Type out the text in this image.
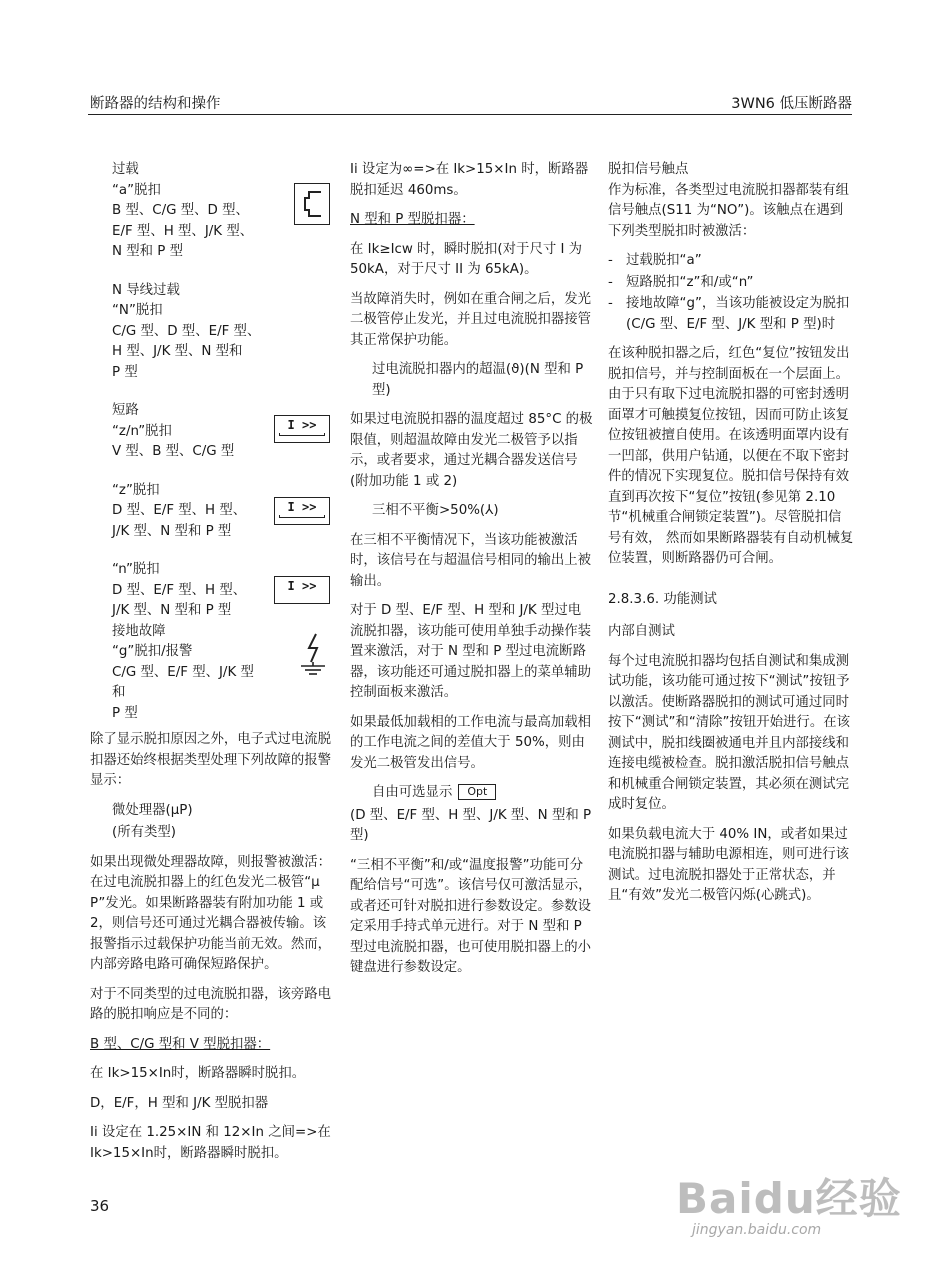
断路器的结构和操作	3WN6 低压断路器

过载

“a”脱扣
B 型、C/G 型、D 型、
E/F 型、H 型、J/K 型、
N 型和 P 型
N 导线过载
“N”脱扣
C/G 型、D 型、E/F 型、
H 型、J/K 型、N 型和
P 型
短路
“z/n”脱扣
V 型、B 型、C/G 型
I >>
“z”脱扣
D 型、E/F 型、H 型、
J/K 型、N 型和 P 型
I >>
“n”脱扣
D 型、E/F 型、H 型、
J/K 型、N 型和 P 型
I >>
接地故障
“g”脱扣/报警
C/G 型、E/F 型、J/K 型和
P 型

除了显示脱扣原因之外，电子式过电流脱扣器还始终根据类型处理下列故障的报警显示：

微处理器(μP)

(所有类型)

如果出现微处理器故障，则报警被激活：在过电流脱扣器上的红色发光二极管“μP”发光。如果断路器装有附加功能 1 或 2，则信号还可通过光耦合器被传输。该报警指示过载保护功能当前无效。然而，内部旁路电路可确保短路保护。

对于不同类型的过电流脱扣器，该旁路电路的脱扣响应是不同的：

B 型、C/G 型和 V 型脱扣器：

在 Ik>15×In时，断路器瞬时脱扣。

D，E/F，H 型和 J/K 型脱扣器

Ii 设定在 1.25×IN 和 12×In 之间=>在 Ik>15×In时，断路器瞬时脱扣。

Ii 设定为∞=>在 Ik>15×In 时，断路器脱扣延迟 460ms。

N 型和 P 型脱扣器：

在 Ik≥Icw 时，瞬时脱扣(对于尺寸 I 为 50kA，对于尺寸 II 为 65kA)。

当故障消失时，例如在重合闸之后，发光二极管停止发光，并且过电流脱扣器接管其正常保护功能。

过电流脱扣器内的超温(ϑ)(N 型和 P 型)

如果过电流脱扣器的温度超过 85°C 的极限值，则超温故障由发光二极管予以指示，或者要求，通过光耦合器发送信号(附加功能 1 或 2)

三相不平衡>50%(⅄)

在三相不平衡情况下，当该功能被激活时，该信号在与超温信号相同的输出上被输出。

对于 D 型、E/F 型、H 型和 J/K 型过电流脱扣器，该功能可使用单独手动操作装置来激活，对于 N 型和 P 型过电流断路器，该功能还可通过脱扣器上的菜单辅助控制面板来激活。

如果最低加载相的工作电流与最高加载相的工作电流之间的差值大于 50%，则由发光二极管发出信号。

自由可选显示 Opt

(D 型、E/F 型、H 型、J/K 型、N 型和 P 型)

“三相不平衡”和/或“温度报警”功能可分配给信号“可选”。该信号仅可激活显示，或者还可针对脱扣进行参数设定。参数设定采用手持式单元进行。对于 N 型和 P 型过电流脱扣器，也可使用脱扣器上的小键盘进行参数设定。

脱扣信号触点

作为标准，各类型过电流脱扣器都装有组信号触点(S11 为“NO”)。该触点在遇到下列类型脱扣时被激活：

- 过载脱扣“a”
- 短路脱扣“z”和/或“n”
- 接地故障“g”，当该功能被设定为脱扣(C/G 型、E/F 型、J/K 型和 P 型)时

在该种脱扣器之后，红色“复位”按钮发出脱扣信号，并与控制面板在一个层面上。由于只有取下过电流脱扣器的可密封透明面罩才可触摸复位按钮，因而可防止该复位按钮被擅自使用。在该透明面罩内设有一凹部，供用户钻通，以便在不取下密封件的情况下实现复位。脱扣信号保持有效直到再次按下“复位”按钮(参见第 2.10 节“机械重合闸锁定装置”)。尽管脱扣信号有效， 然而如果断路器装有自动机械复位装置，则断路器仍可合闸。

2.8.3.6. 功能测试

内部自测试

每个过电流脱扣器均包括自测试和集成测试功能，该功能可通过按下“测试”按钮予以激活。使断路器脱扣的测试可通过同时按下“测试”和“清除”按钮开始进行。在该测试中，脱扣线圈被通电并且内部接线和连接电缆被检查。脱扣激活脱扣信号触点和机械重合闸锁定装置，其必须在测试完成时复位。

如果负载电流大于 40% IN，或者如果过电流脱扣器与辅助电源相连，则可进行该测试。过电流脱扣器处于正常状态，并且“有效”发光二极管闪烁(心跳式)。

36	Baidu经验
jingyan.baidu.com
